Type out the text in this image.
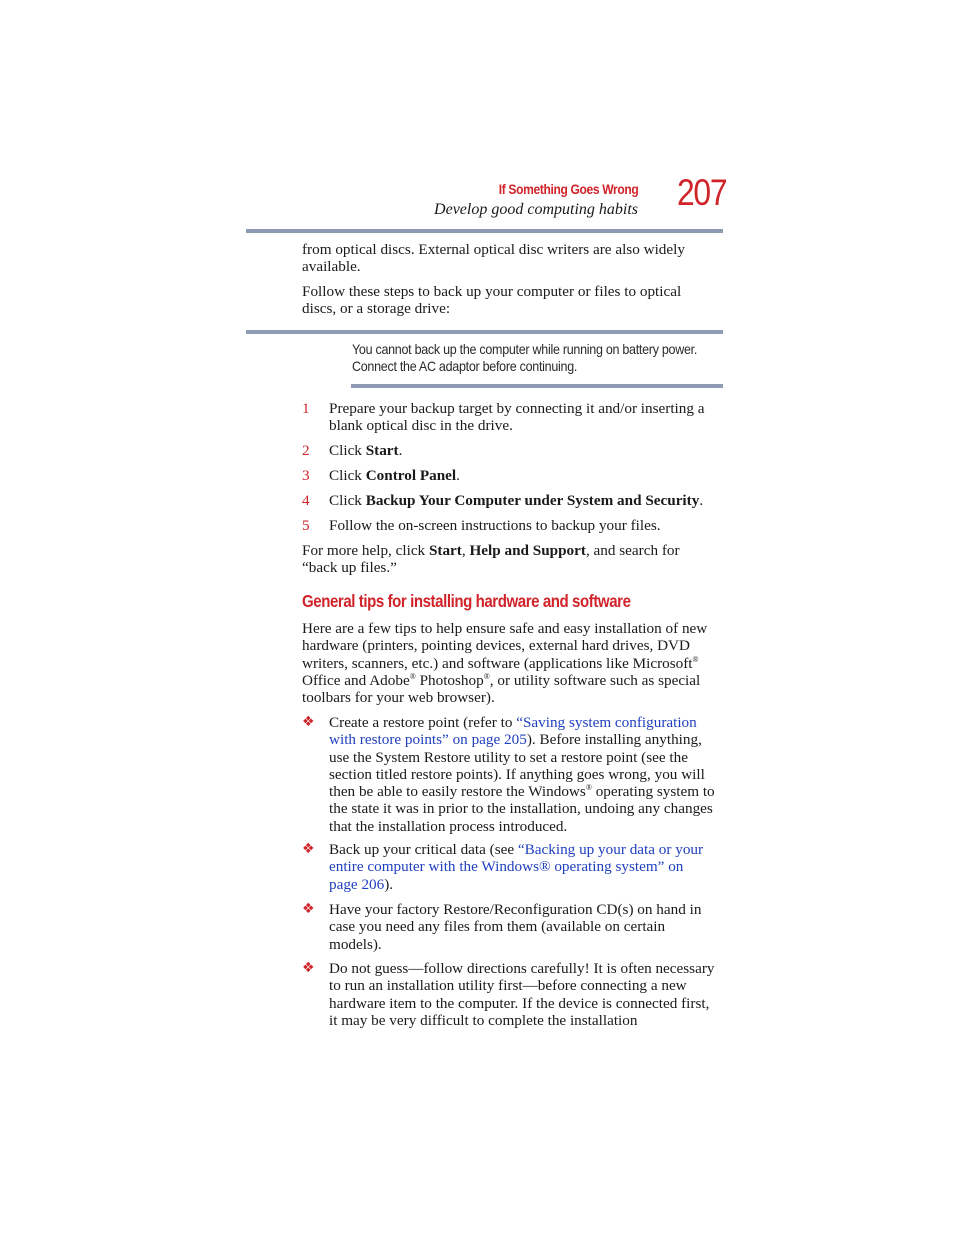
If Something Goes Wrong
Develop good computing habits 207
from optical discs. External optical disc writers are also widely
available.
Follow these steps to back up your computer or files to optical
discs, or a storage drive:
You cannot back up the computer while running on battery power.
Connect the AC adaptor before continuing.
1 Prepare your backup target by connecting it and/or inserting a
blank optical disc in the drive.
2 Click Start.
3 Click Control Panel.
4 Click Backup Your Computer under System and Security.
5 Follow the on-screen instructions to backup your files.
For more help, click Start, Help and Support, and search for
“back up files.”
General tips for installing hardware and software
Here are a few tips to help ensure safe and easy installation of new
hardware (printers, pointing devices, external hard drives, DVD
writers, scanners, etc.) and software (applications like Microsoft®
Office and Adobe® Photoshop®, or utility software such as special
toolbars for your web browser).
❖ Create a restore point (refer to “Saving system configuration
with restore points” on page 205). Before installing anything,
use the System Restore utility to set a restore point (see the
section titled restore points). If anything goes wrong, you will
then be able to easily restore the Windows® operating system to
the state it was in prior to the installation, undoing any changes
that the installation process introduced.
❖ Back up your critical data (see “Backing up your data or your
entire computer with the Windows® operating system” on
page 206).
❖ Have your factory Restore/Reconfiguration CD(s) on hand in
case you need any files from them (available on certain
models).
❖ Do not guess—follow directions carefully! It is often necessary
to run an installation utility first—before connecting a new
hardware item to the computer. If the device is connected first,
it may be very difficult to complete the installation
